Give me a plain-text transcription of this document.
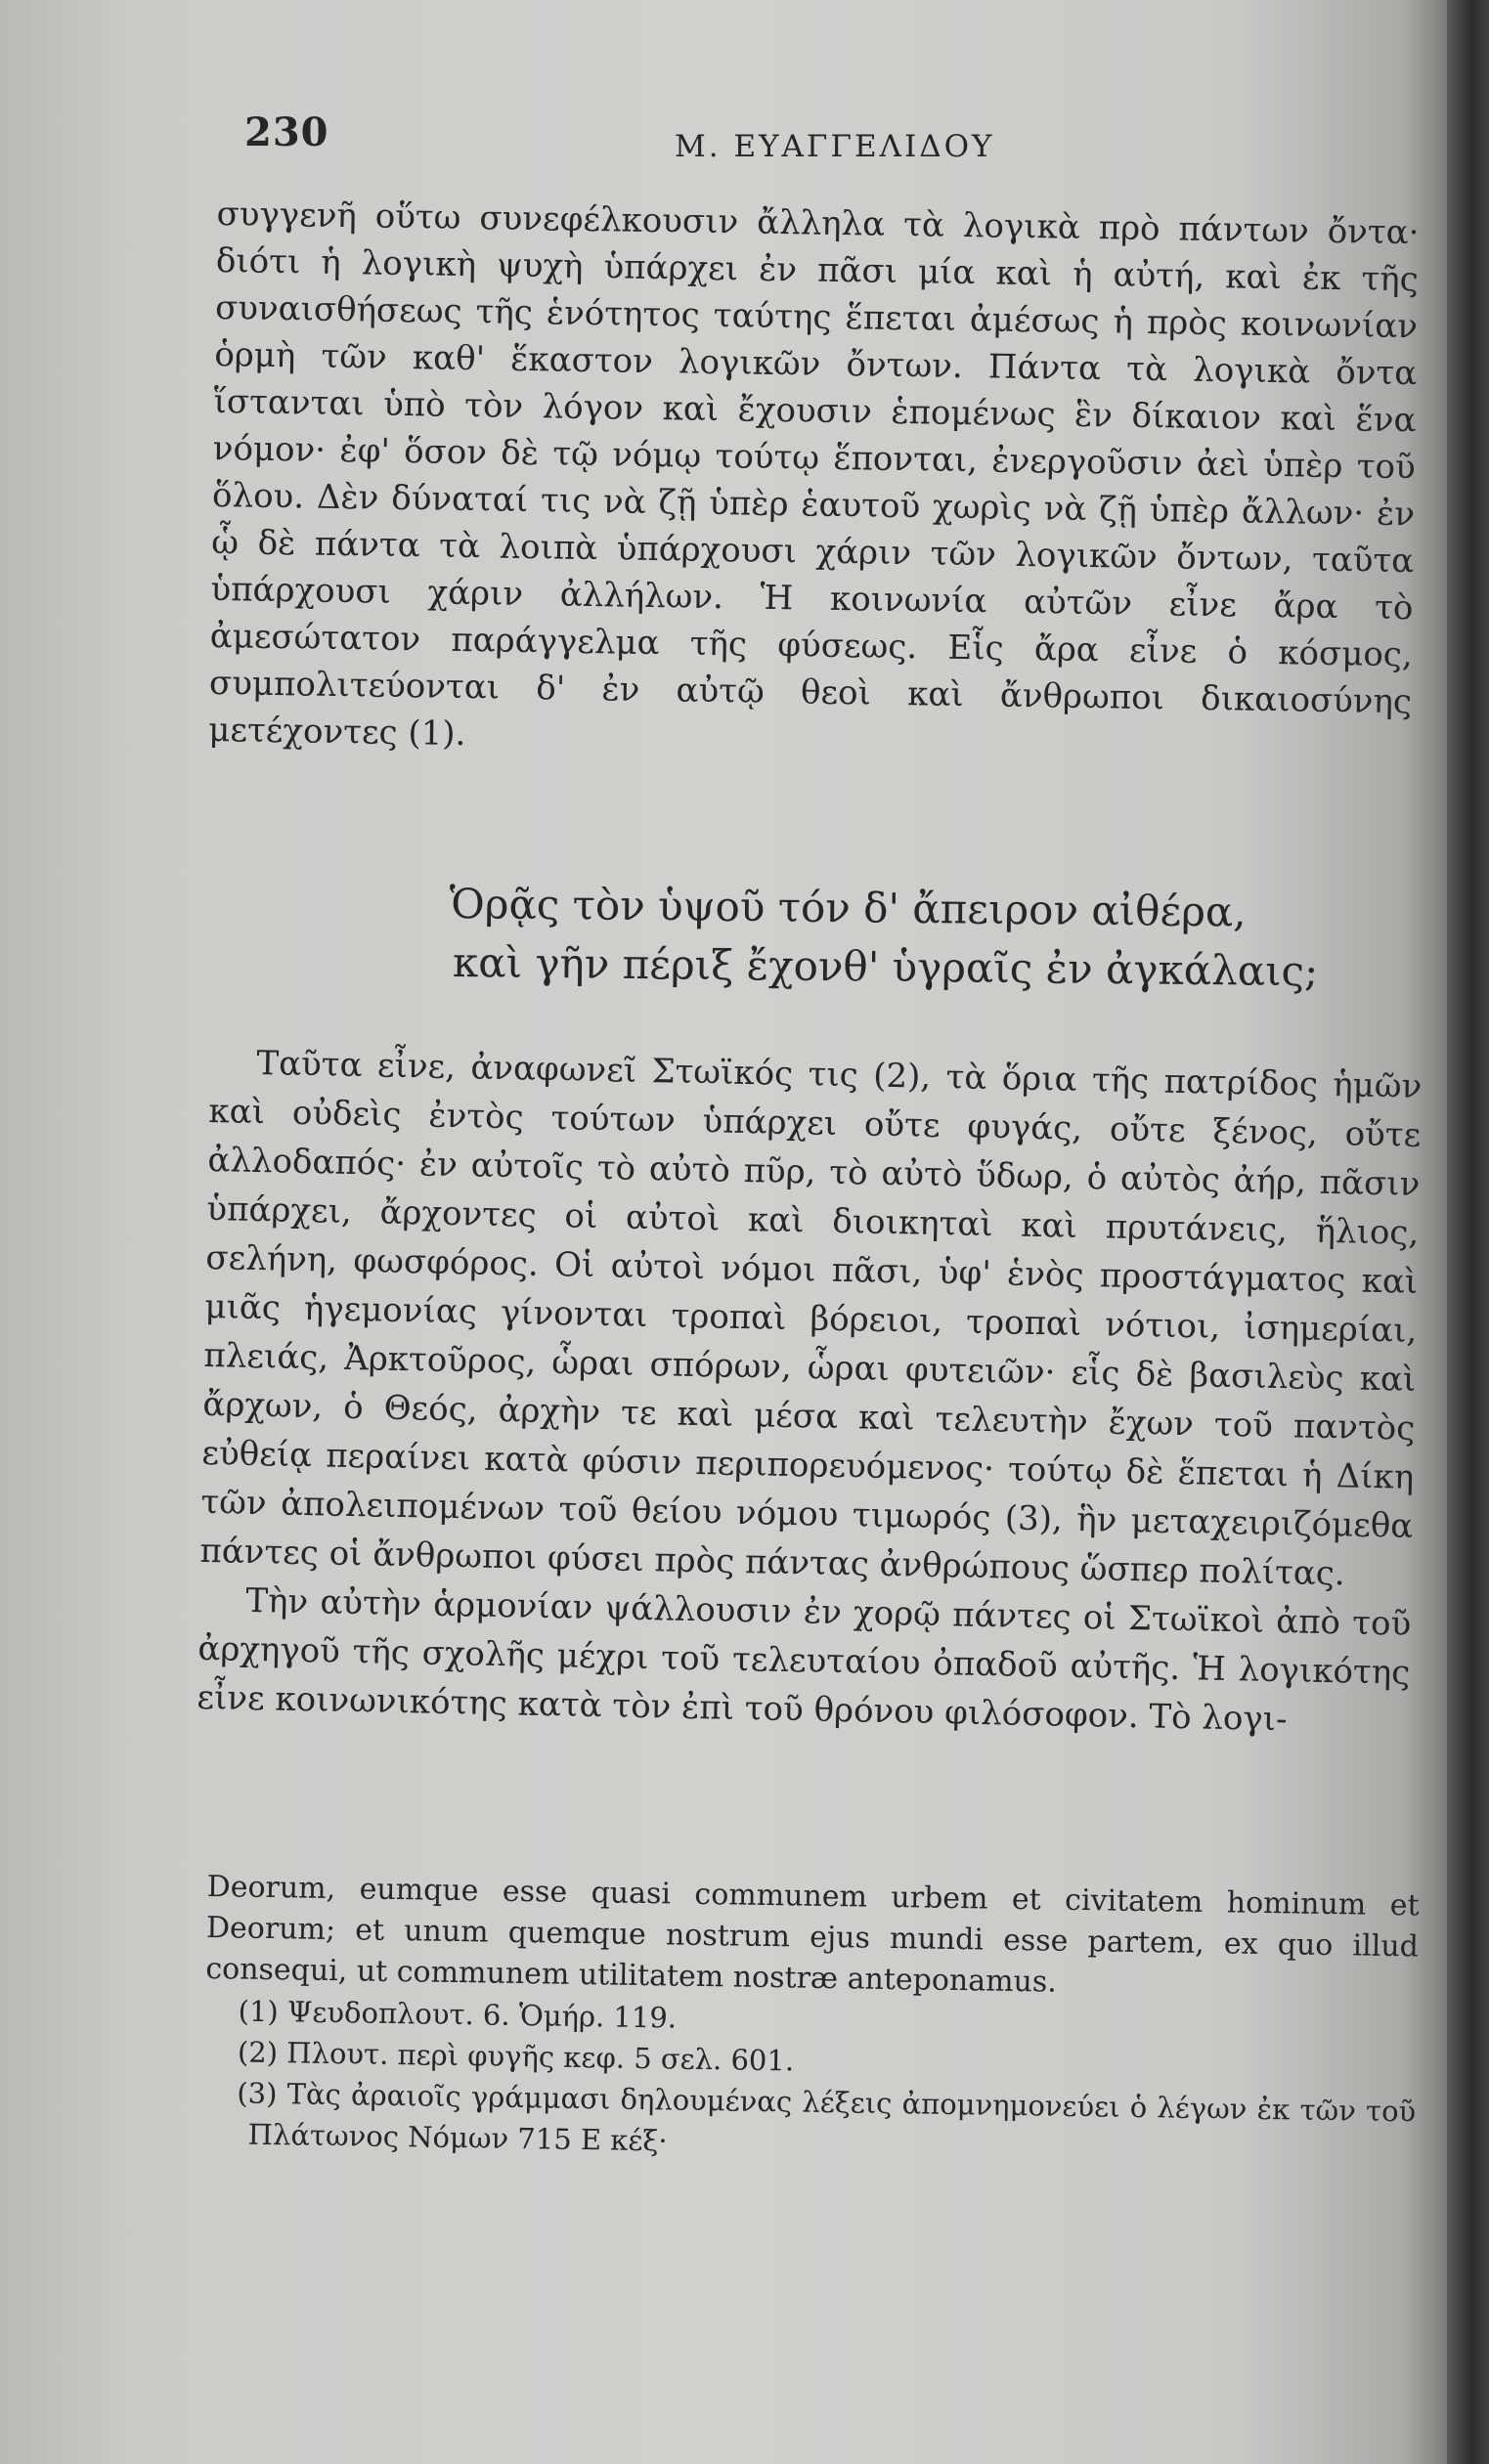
230	Μ. ΕΥΑΓΓΕΛΙΔΟΥ

συγγενῆ οὕτω συνεφέλκουσιν ἄλληλα τὰ λογικὰ πρὸ πάντων ὄντα· διότι ἡ λογικὴ ψυχὴ ὑπάρχει ἐν πᾶσι μία καὶ ἡ αὐτή, καὶ ἐκ τῆς συναισθήσεως τῆς ἑνότητος ταύτης ἕπεται ἀμέσως ἡ πρὸς κοινωνίαν ὁρμὴ τῶν καθ' ἕκαστον λογικῶν ὄντων. Πάντα τὰ λογικὰ ὄντα ἵστανται ὑπὸ τὸν λόγον καὶ ἔχουσιν ἑπομένως ἓν δίκαιον καὶ ἕνα νόμον· ἐφ' ὅσον δὲ τῷ νόμῳ τούτῳ ἕπονται, ἐνεργοῦσιν ἀεὶ ὑπὲρ τοῦ ὅλου. Δὲν δύναταί τις νὰ ζῇ ὑπὲρ ἑαυτοῦ χωρὶς νὰ ζῇ ὑπὲρ ἄλλων· ἐν ᾧ δὲ πάντα τὰ λοιπὰ ὑπάρχουσι χάριν τῶν λογικῶν ὄντων, ταῦτα ὑπάρχουσι χάριν ἀλλήλων. Ἡ κοινωνία αὐτῶν εἶνε ἄρα τὸ ἀμεσώτατον παράγγελμα τῆς φύσεως. Εἷς ἄρα εἶνε ὁ κόσμος, συμπολιτεύονται δ' ἐν αὐτῷ θεοὶ καὶ ἄνθρωποι δικαιοσύνης μετέχοντες (1).

Ὁρᾷς τὸν ὑψοῦ τόν δ' ἄπειρον αἰθέρα,
καὶ γῆν πέριξ ἔχονθ' ὑγραῖς ἐν ἀγκάλαις;

Ταῦτα εἶνε, ἀναφωνεῖ Στωϊκός τις (2), τὰ ὅρια τῆς πατρίδος ἡμῶν καὶ οὐδεὶς ἐντὸς τούτων ὑπάρχει οὔτε φυγάς, οὔτε ξένος, οὔτε ἀλλοδαπός· ἐν αὐτοῖς τὸ αὐτὸ πῦρ, τὸ αὐτὸ ὕδωρ, ὁ αὐτὸς ἀήρ, πᾶσιν ὑπάρχει, ἄρχοντες οἱ αὐτοὶ καὶ διοικηταὶ καὶ πρυτάνεις, ἥλιος, σελήνη, φωσφόρος. Οἱ αὐτοὶ νόμοι πᾶσι, ὑφ' ἑνὸς προστάγματος καὶ μιᾶς ἡγεμονίας γίνονται τροπαὶ βόρειοι, τροπαὶ νότιοι, ἰσημερίαι, πλειάς, Ἀρκτοῦρος, ὧραι σπόρων, ὧραι φυτειῶν· εἷς δὲ βασιλεὺς καὶ ἄρχων, ὁ Θεός, ἀρχὴν τε καὶ μέσα καὶ τελευτὴν ἔχων τοῦ παντὸς εὐθείᾳ περαίνει κατὰ φύσιν περιπορευόμενος· τούτῳ δὲ ἕπεται ἡ Δίκη τῶν ἀπολειπομένων τοῦ θείου νόμου τιμωρός (3), ἣν μεταχειριζόμεθα πάντες οἱ ἄνθρωποι φύσει πρὸς πάντας ἀνθρώπους ὥσπερ πολίτας.

Τὴν αὐτὴν ἁρμονίαν ψάλλουσιν ἐν χορῷ πάντες οἱ Στωϊκοὶ ἀπὸ τοῦ ἀρχηγοῦ τῆς σχολῆς μέχρι τοῦ τελευταίου ὀπαδοῦ αὐτῆς. Ἡ λογικότης εἶνε κοινωνικότης κατὰ τὸν ἐπὶ τοῦ θρόνου φιλόσοφον. Τὸ λογι-

Deorum, eumque esse quasi communem urbem et civitatem hominum et Deorum; et unum quemque nostrum ejus mundi esse partem, ex quo illud consequi, ut communem utilitatem nostræ anteponamus.

(1) Ψευδοπλουτ. 6. Ὁμήρ. 119.

(2) Πλουτ. περὶ φυγῆς κεφ. 5 σελ. 601.

(3) Τὰς ἀραιοῖς γράμμασι δηλουμένας λέξεις ἀπομνημονεύει ὁ λέγων ἐκ τῶν τοῦ Πλάτωνος Νόμων 715 Ε κέξ·
